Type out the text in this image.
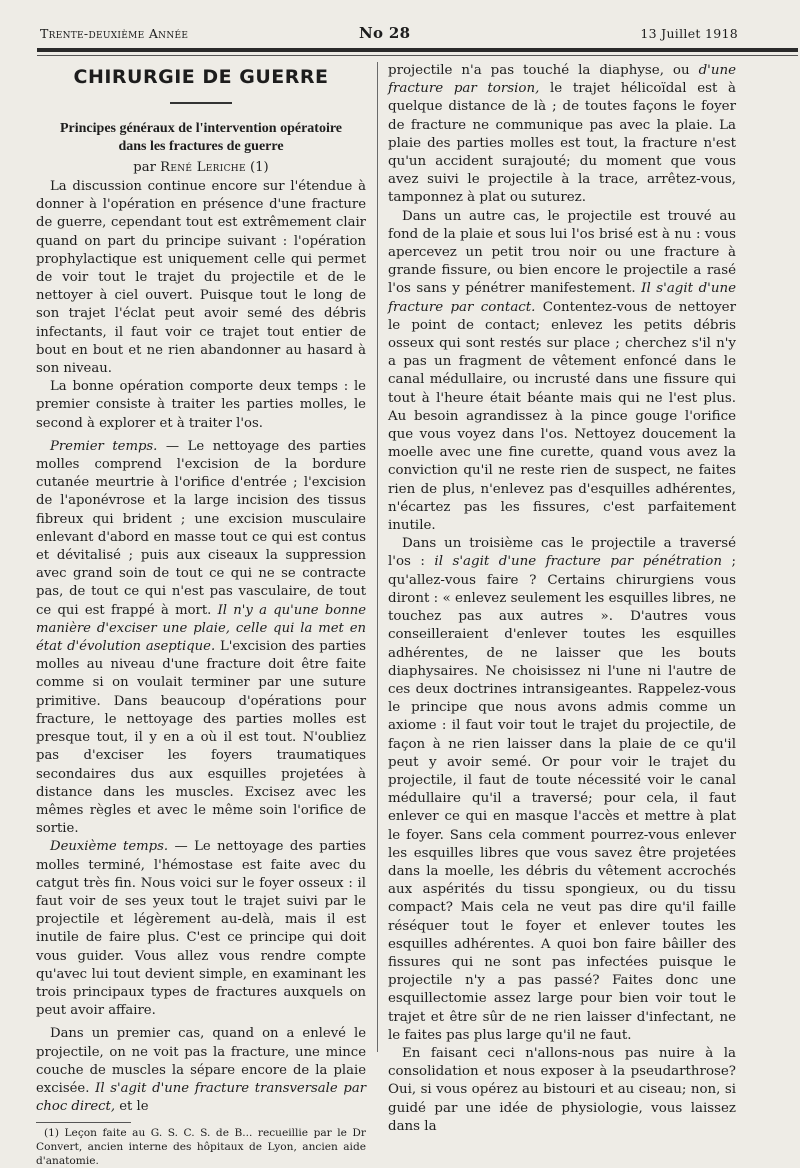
Trente-deuxième Année	No 28	13 Juillet 1918
CHIRURGIE DE GUERRE
Principes généraux de l'intervention opératoire
dans les fractures de guerre
par René Leriche (1)

La discussion continue encore sur l'étendue à donner à l'opération en présence d'une fracture de guerre, cependant tout est extrêmement clair quand on part du principe suivant : l'opération prophylactique est uniquement celle qui permet de voir tout le trajet du projectile et de le nettoyer à ciel ouvert. Puisque tout le long de son trajet l'éclat peut avoir semé des débris infectants, il faut voir ce trajet tout entier de bout en bout et ne rien abandonner au hasard à son niveau.

La bonne opération comporte deux temps : le premier consiste à traiter les parties molles, le second à explorer et à traiter l'os.

Premier temps. — Le nettoyage des parties molles comprend l'excision de la bordure cutanée meurtrie à l'orifice d'entrée ; l'excision de l'aponévrose et la large incision des tissus fibreux qui brident ; une excision musculaire enlevant d'abord en masse tout ce qui est contus et dévitalisé ; puis aux ciseaux la suppression avec grand soin de tout ce qui ne se contracte pas, de tout ce qui n'est pas vasculaire, de tout ce qui est frappé à mort. Il n'y a qu'une bonne manière d'exciser une plaie, celle qui la met en état d'évolution aseptique. L'excision des parties molles au niveau d'une fracture doit être faite comme si on voulait terminer par une suture primitive. Dans beaucoup d'opérations pour fracture, le nettoyage des parties molles est presque tout, il y en a où il est tout. N'oubliez pas d'exciser les foyers traumatiques secondaires dus aux esquilles projetées à distance dans les muscles. Excisez avec les mêmes règles et avec le même soin l'orifice de sortie.

Deuxième temps. — Le nettoyage des parties molles terminé, l'hémostase est faite avec du catgut très fin. Nous voici sur le foyer osseux : il faut voir de ses yeux tout le trajet suivi par le projectile et légèrement au-delà, mais il est inutile de faire plus. C'est ce principe qui doit vous guider. Vous allez vous rendre compte qu'avec lui tout devient simple, en examinant les trois principaux types de fractures auxquels on peut avoir affaire.

Dans un premier cas, quand on a enlevé le projectile, on ne voit pas la fracture, une mince couche de muscles la sépare encore de la plaie excisée. Il s'agit d'une fracture transversale par choc direct, et le

(1) Leçon faite au G. S. C. S. de B... recueillie par le Dr Convert, ancien interne des hôpitaux de Lyon, ancien aide d'anatomie.

projectile n'a pas touché la diaphyse, ou d'une fracture par torsion, le trajet hélicoïdal est à quelque distance de là ; de toutes façons le foyer de fracture ne communique pas avec la plaie. La plaie des parties molles est tout, la fracture n'est qu'un accident surajouté; du moment que vous avez suivi le projectile à la trace, arrêtez-vous, tamponnez à plat ou suturez.

Dans un autre cas, le projectile est trouvé au fond de la plaie et sous lui l'os brisé est à nu : vous apercevez un petit trou noir ou une fracture à grande fissure, ou bien encore le projectile a rasé l'os sans y pénétrer manifestement. Il s'agit d'une fracture par contact. Contentez-vous de nettoyer le point de contact; enlevez les petits débris osseux qui sont restés sur place ; cherchez s'il n'y a pas un fragment de vêtement enfoncé dans le canal médullaire, ou incrusté dans une fissure qui tout à l'heure était béante mais qui ne l'est plus. Au besoin agrandissez à la pince gouge l'orifice que vous voyez dans l'os. Nettoyez doucement la moelle avec une fine curette, quand vous avez la conviction qu'il ne reste rien de suspect, ne faites rien de plus, n'enlevez pas d'esquilles adhérentes, n'écartez pas les fissures, c'est parfaitement inutile.

Dans un troisième cas le projectile a traversé l'os : il s'agit d'une fracture par pénétration ; qu'allez-vous faire ? Certains chirurgiens vous diront : « enlevez seulement les esquilles libres, ne touchez pas aux autres ». D'autres vous conseilleraient d'enlever toutes les esquilles adhérentes, de ne laisser que les bouts diaphysaires. Ne choisissez ni l'une ni l'autre de ces deux doctrines intransigeantes. Rappelez-vous le principe que nous avons admis comme un axiome : il faut voir tout le trajet du projectile, de façon à ne rien laisser dans la plaie de ce qu'il peut y avoir semé. Or pour voir le trajet du projectile, il faut de toute nécessité voir le canal médullaire qu'il a traversé; pour cela, il faut enlever ce qui en masque l'accès et mettre à plat le foyer. Sans cela comment pourrez-vous enlever les esquilles libres que vous savez être projetées dans la moelle, les débris du vêtement accrochés aux aspérités du tissu spongieux, ou du tissu compact? Mais cela ne veut pas dire qu'il faille réséquer tout le foyer et enlever toutes les esquilles adhérentes. A quoi bon faire bâiller des fissures qui ne sont pas infectées puisque le projectile n'y a pas passé? Faites donc une esquillectomie assez large pour bien voir tout le trajet et être sûr de ne rien laisser d'infectant, ne le faites pas plus large qu'il ne faut.

En faisant ceci n'allons-nous pas nuire à la consolidation et nous exposer à la pseudarthrose? Oui, si vous opérez au bistouri et au ciseau; non, si guidé par une idée de physiologie, vous laissez dans la
